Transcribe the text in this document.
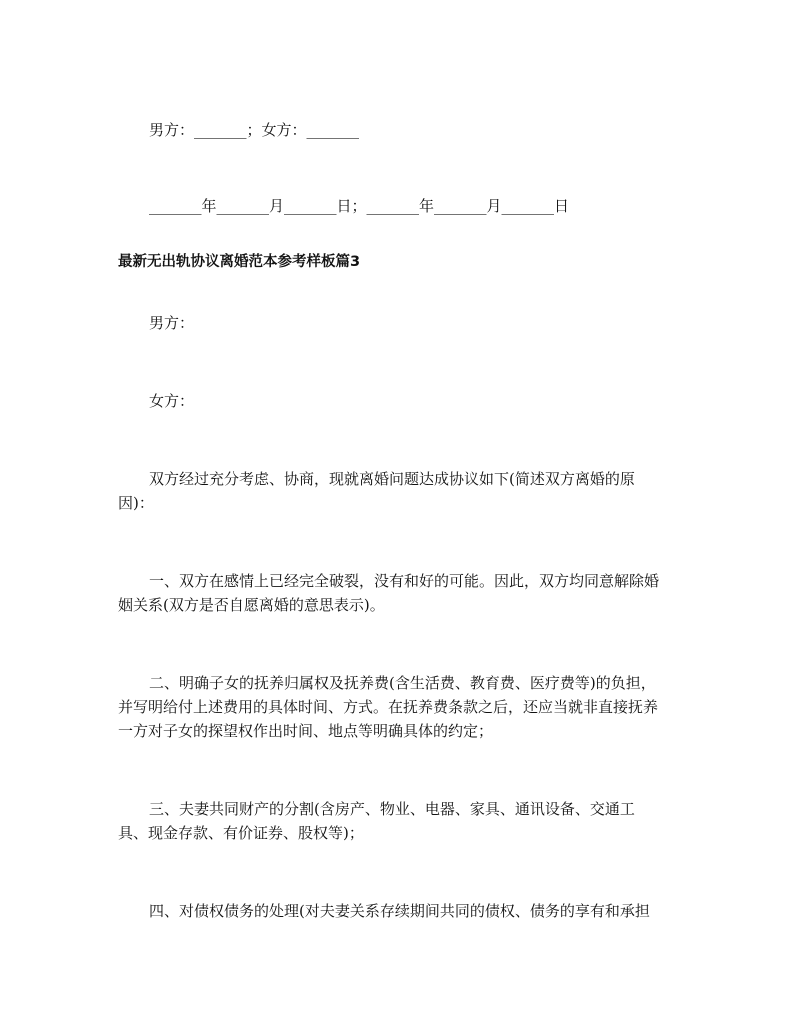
男方：_______；女方：_______
_______年_______月_______日；_______年_______月_______日
最新无出轨协议离婚范本参考样板篇3
男方：
女方：
双方经过充分考虑、协商，现就离婚问题达成协议如下(简述双方离婚的原
因)：
一、双方在感情上已经完全破裂，没有和好的可能。因此，双方均同意解除婚
姻关系(双方是否自愿离婚的意思表示)。
二、明确子女的抚养归属权及抚养费(含生活费、教育费、医疗费等)的负担，
并写明给付上述费用的具体时间、方式。在抚养费条款之后，还应当就非直接抚养
一方对子女的探望权作出时间、地点等明确具体的约定；
三、夫妻共同财产的分割(含房产、物业、电器、家具、通讯设备、交通工
具、现金存款、有价证券、股权等)；
四、对债权债务的处理(对夫妻关系存续期间共同的债权、债务的享有和承担
